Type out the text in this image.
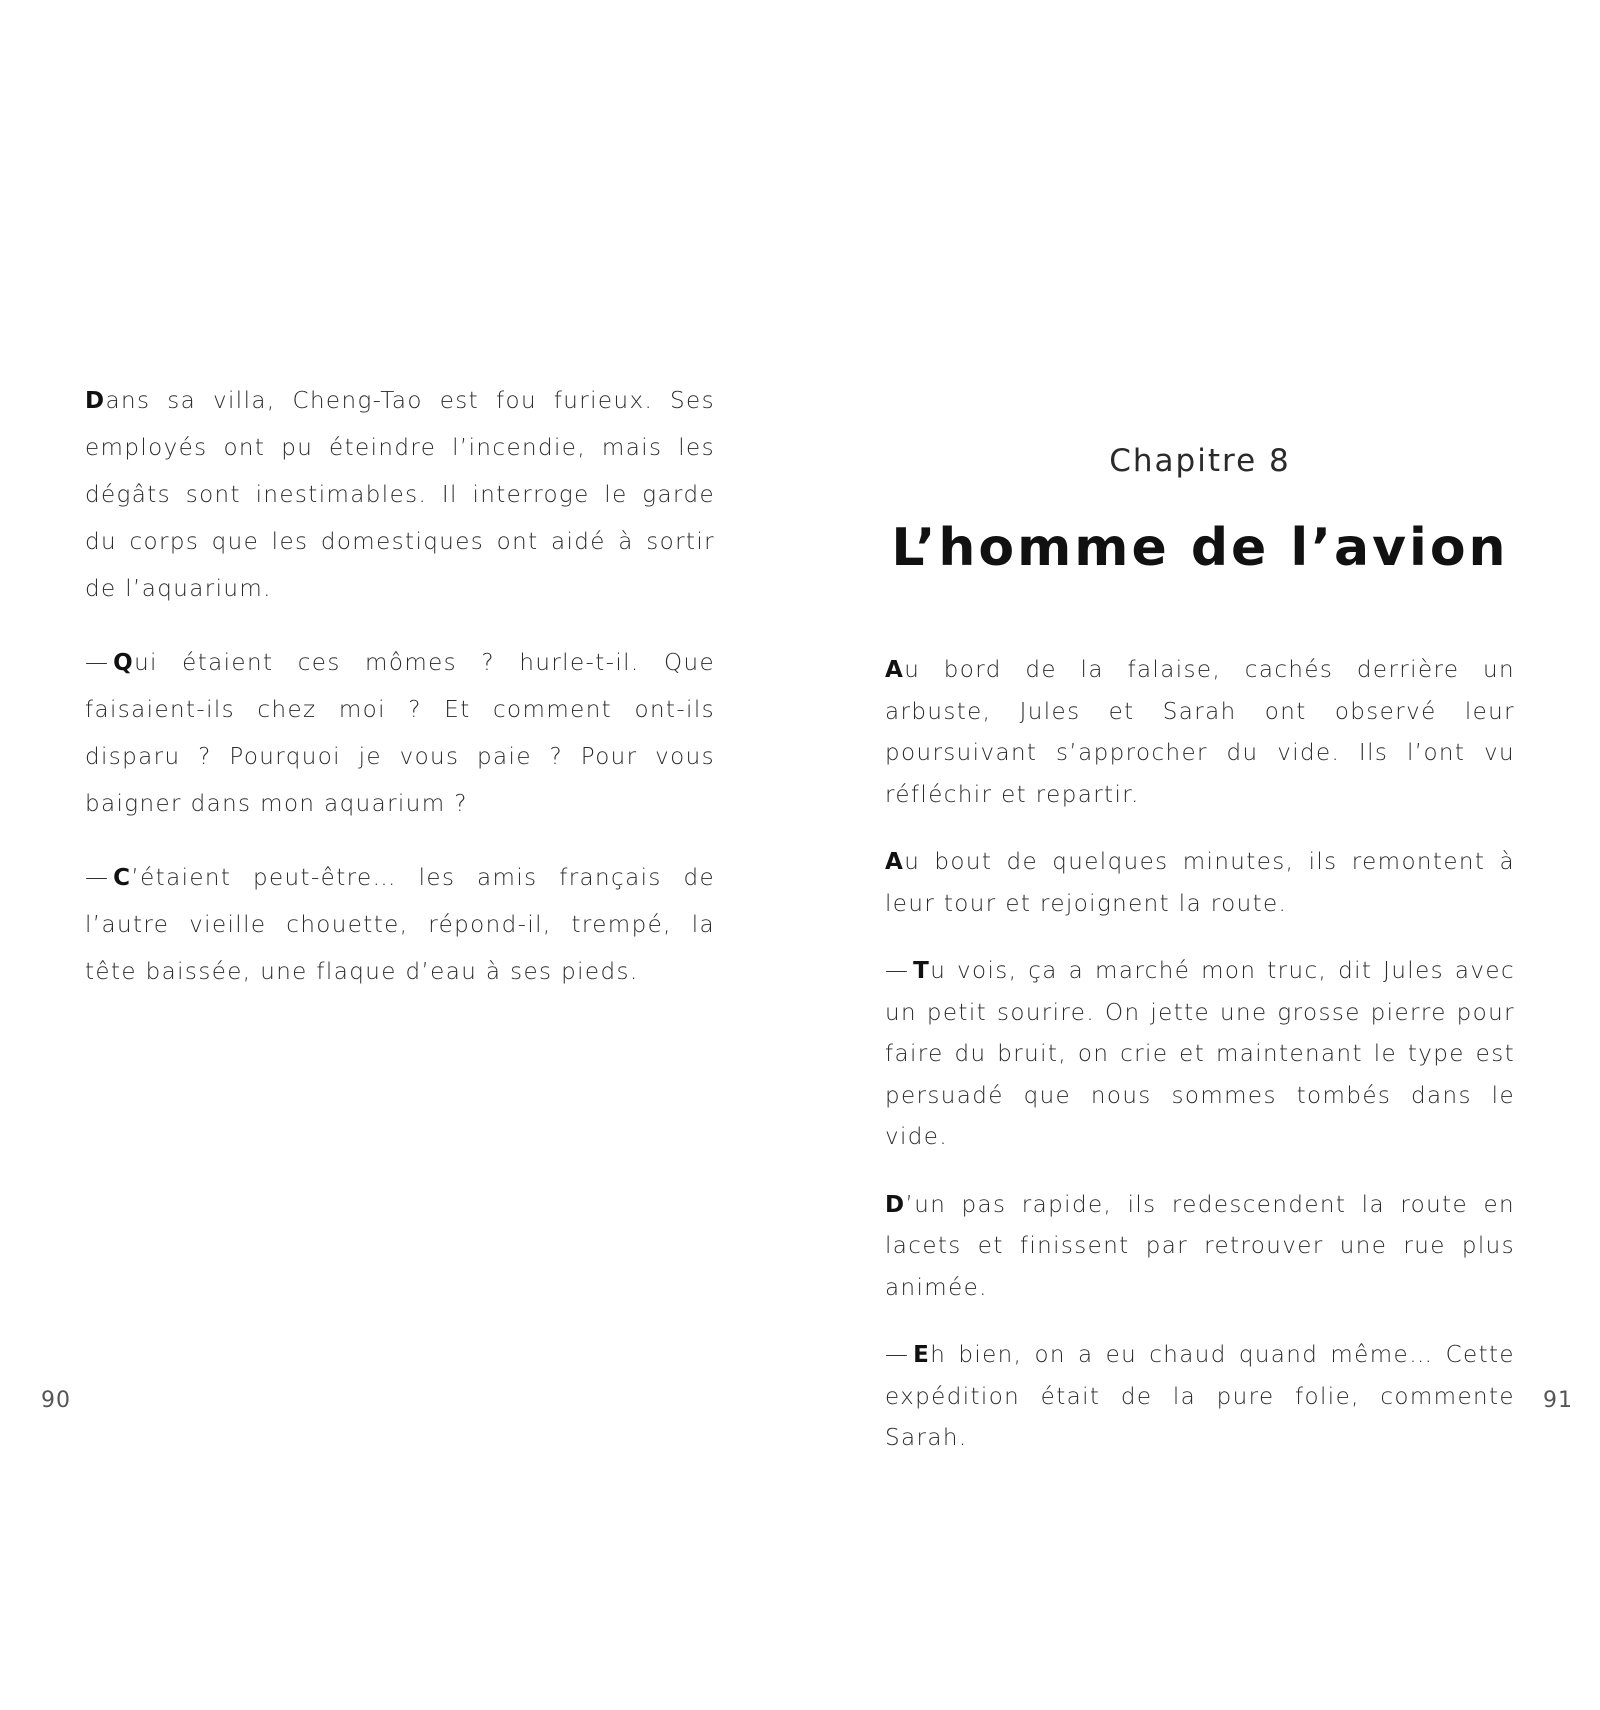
Dans sa villa, Cheng-Tao est fou furieux. Ses employés ont pu éteindre l’incendie, mais les dégâts sont inestimables. Il interroge le garde du corps que les domestiques ont aidé à sortir de l’aquarium.

—  Qui étaient ces mômes ? hurle-t-il. Que faisaient-ils chez moi ? Et comment ont-ils disparu ? Pourquoi je vous paie ? Pour vous baigner dans mon aquarium ?

—  C’étaient peut-être… les amis français de l’autre vieille chouette, répond-il, trempé, la tête baissée, une flaque d’eau à ses pieds.

90
Chapitre 8
L’homme de l’avion

Au bord de la falaise, cachés derrière un arbuste, Jules et Sarah ont observé leur poursuivant s’approcher du vide. Ils l’ont vu réfléchir et repartir.

Au bout de quelques minutes, ils remontent à leur tour et rejoignent la route.

—  Tu vois, ça a marché mon truc, dit Jules avec un petit sourire. On jette une grosse pierre pour faire du bruit, on crie et maintenant le type est persuadé que nous sommes tombés dans le vide.

D’un pas rapide, ils redescendent la route en lacets et finissent par retrouver une rue plus animée.

—  Eh bien, on a eu chaud quand même… Cette expédition était de la pure folie, commente Sarah.

91
